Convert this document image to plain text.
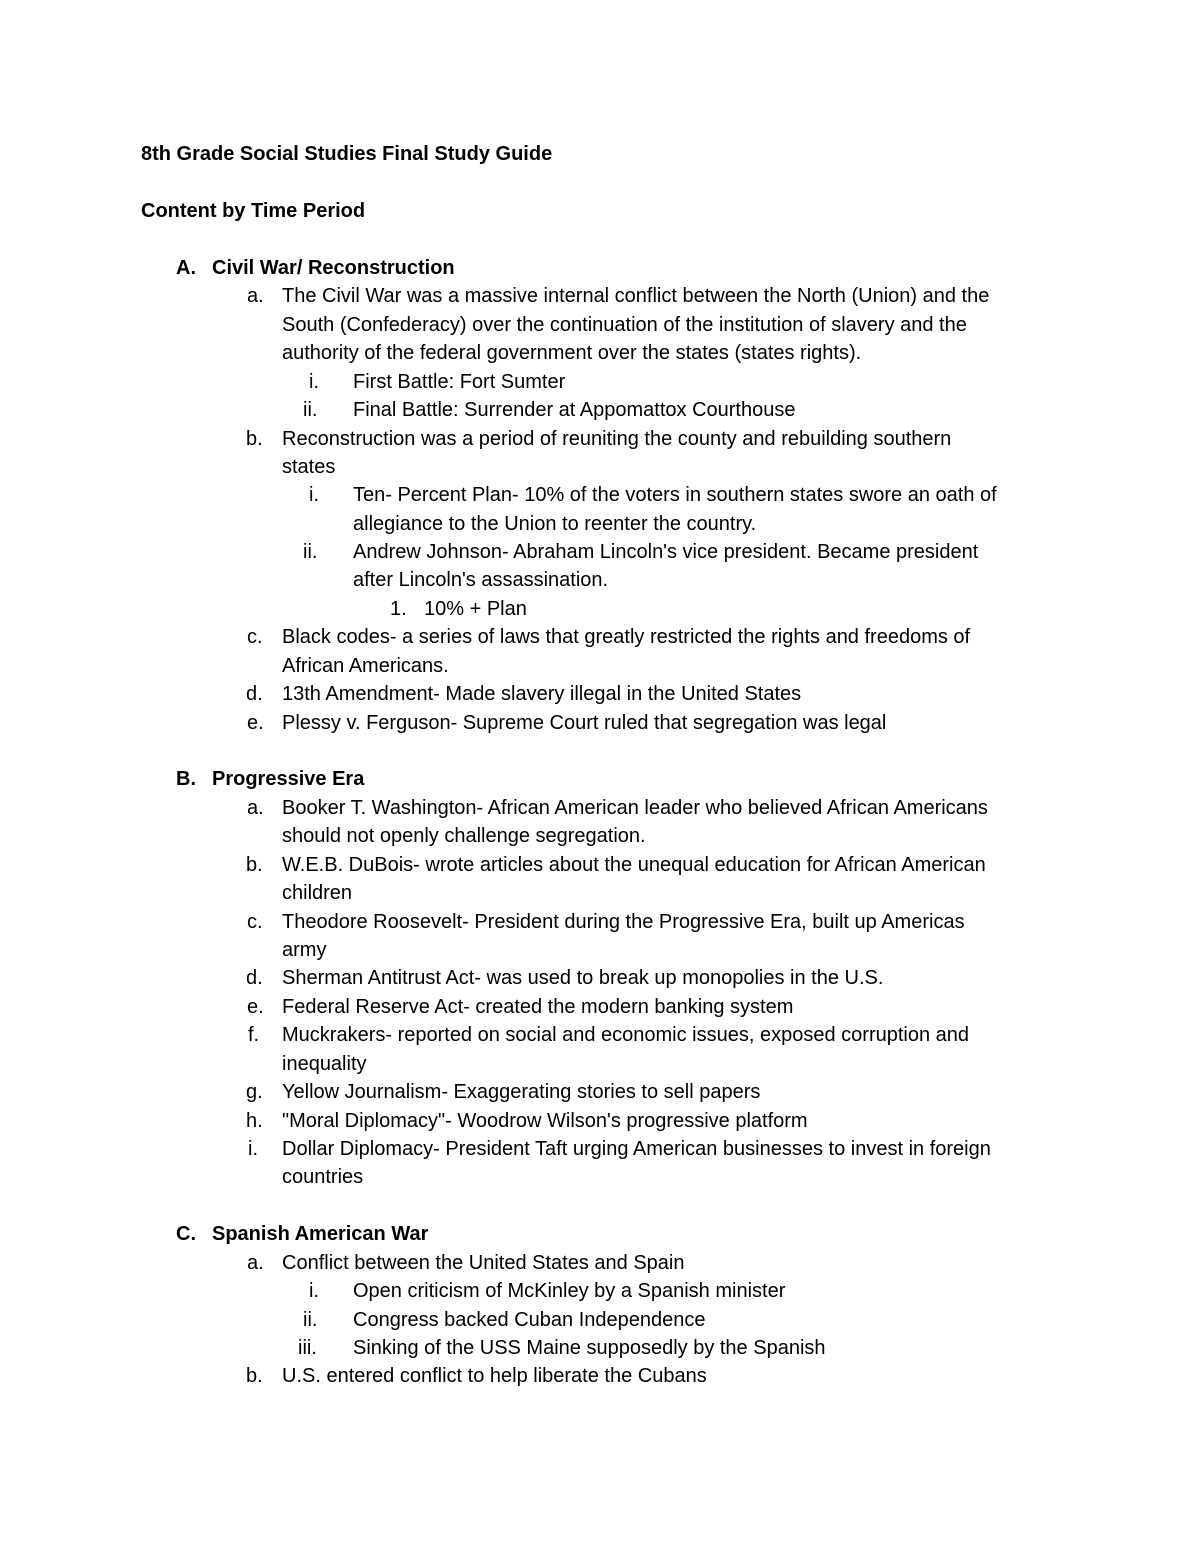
8th Grade Social Studies Final Study Guide
Content by Time Period
A. Civil War/ Reconstruction
a. The Civil War was a massive internal conflict between the North (Union) and the
South (Confederacy) over the continuation of the institution of slavery and the
authority of the federal government over the states (states rights).
i. First Battle: Fort Sumter
ii. Final Battle: Surrender at Appomattox Courthouse
b. Reconstruction was a period of reuniting the county and rebuilding southern
states
i. Ten- Percent Plan- 10% of the voters in southern states swore an oath of
allegiance to the Union to reenter the country.
ii. Andrew Johnson- Abraham Lincoln's vice president. Became president
after Lincoln's assassination.
1. 10% + Plan
c. Black codes- a series of laws that greatly restricted the rights and freedoms of
African Americans.
d. 13th Amendment- Made slavery illegal in the United States
e. Plessy v. Ferguson- Supreme Court ruled that segregation was legal
B. Progressive Era
a. Booker T. Washington- African American leader who believed African Americans
should not openly challenge segregation.
b. W.E.B. DuBois- wrote articles about the unequal education for African American
children
c. Theodore Roosevelt- President during the Progressive Era, built up Americas
army
d. Sherman Antitrust Act- was used to break up monopolies in the U.S.
e. Federal Reserve Act- created the modern banking system
f. Muckrakers- reported on social and economic issues, exposed corruption and
inequality
g. Yellow Journalism- Exaggerating stories to sell papers
h. "Moral Diplomacy"- Woodrow Wilson's progressive platform
i. Dollar Diplomacy- President Taft urging American businesses to invest in foreign
countries
C. Spanish American War
a. Conflict between the United States and Spain
i. Open criticism of McKinley by a Spanish minister
ii. Congress backed Cuban Independence
iii. Sinking of the USS Maine supposedly by the Spanish
b. U.S. entered conflict to help liberate the Cubans
